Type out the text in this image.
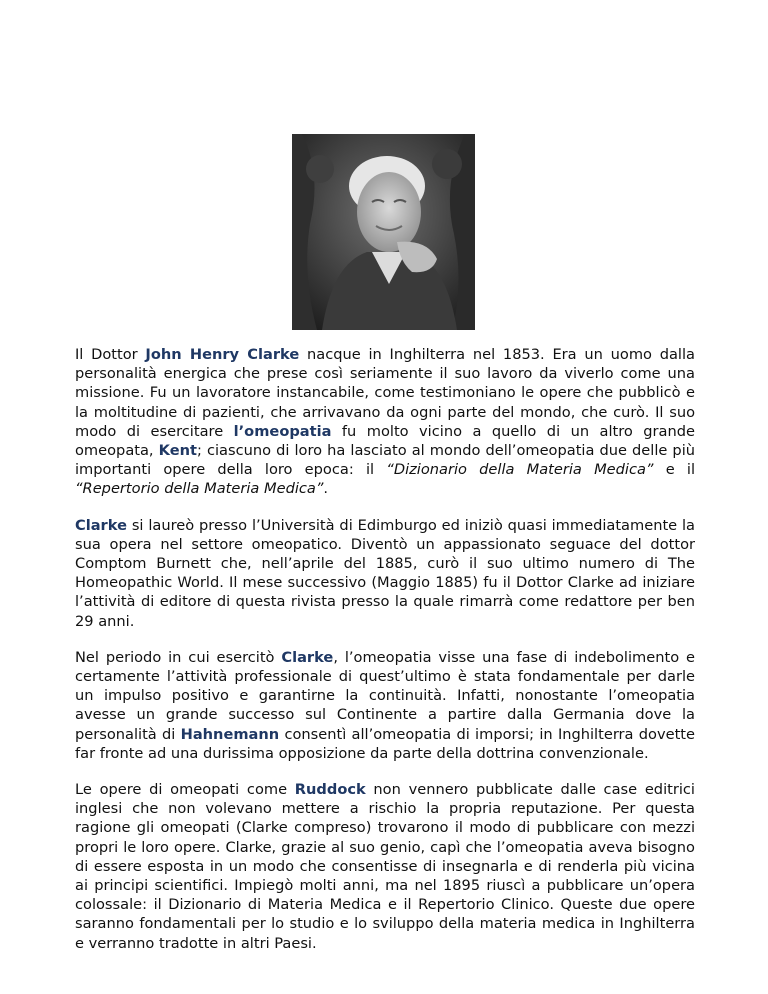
Il Dottor John Henry Clarke nacque in Inghilterra nel 1853. Era un uomo dalla personalità energica che prese così seriamente il suo lavoro da viverlo come una missione. Fu un lavoratore instancabile, come testimoniano le opere che pubblicò e la moltitudine di pazienti, che arrivavano da ogni parte del mondo, che curò. Il suo modo di esercitare l’omeopatia fu molto vicino a quello di un altro grande omeopata, Kent; ciascuno di loro ha lasciato al mondo dell’omeopatia due delle più importanti opere della loro epoca: il “Dizionario della Materia Medica” e il “Repertorio della Materia Medica”.

Clarke si laureò presso l’Università di Edimburgo ed iniziò quasi immediatamente la sua opera nel settore omeopatico. Diventò un appassionato seguace del dottor Comptom Burnett che, nell’aprile del 1885, curò il suo ultimo numero di The Homeopathic World. Il mese successivo (Maggio 1885) fu il Dottor Clarke ad iniziare l’attività di editore di questa rivista presso la quale rimarrà come redattore per ben 29 anni.

Nel periodo in cui esercitò Clarke, l’omeopatia visse una fase di indebolimento e certamente l’attività professionale di quest’ultimo è stata fondamentale per darle un impulso positivo e garantirne la continuità. Infatti, nonostante l’omeopatia avesse un grande successo sul Continente a partire dalla Germania dove la personalità di Hahnemann consentì all’omeopatia di imporsi; in Inghilterra dovette far fronte ad una durissima opposizione da parte della dottrina convenzionale.

Le opere di omeopati come Ruddock non vennero pubblicate dalle case editrici inglesi che non volevano mettere a rischio la propria reputazione. Per questa ragione gli omeopati (Clarke compreso) trovarono il modo di pubblicare con mezzi propri le loro opere. Clarke, grazie al suo genio, capì che l’omeopatia aveva bisogno di essere esposta in un modo che consentisse di insegnarla e di renderla più vicina ai principi scientifici. Impiegò molti anni, ma nel 1895 riuscì a pubblicare un’opera colossale: il Dizionario di Materia Medica e il Repertorio Clinico. Queste due opere saranno fondamentali per lo studio e lo sviluppo della materia medica in Inghilterra e verranno tradotte in altri Paesi.
